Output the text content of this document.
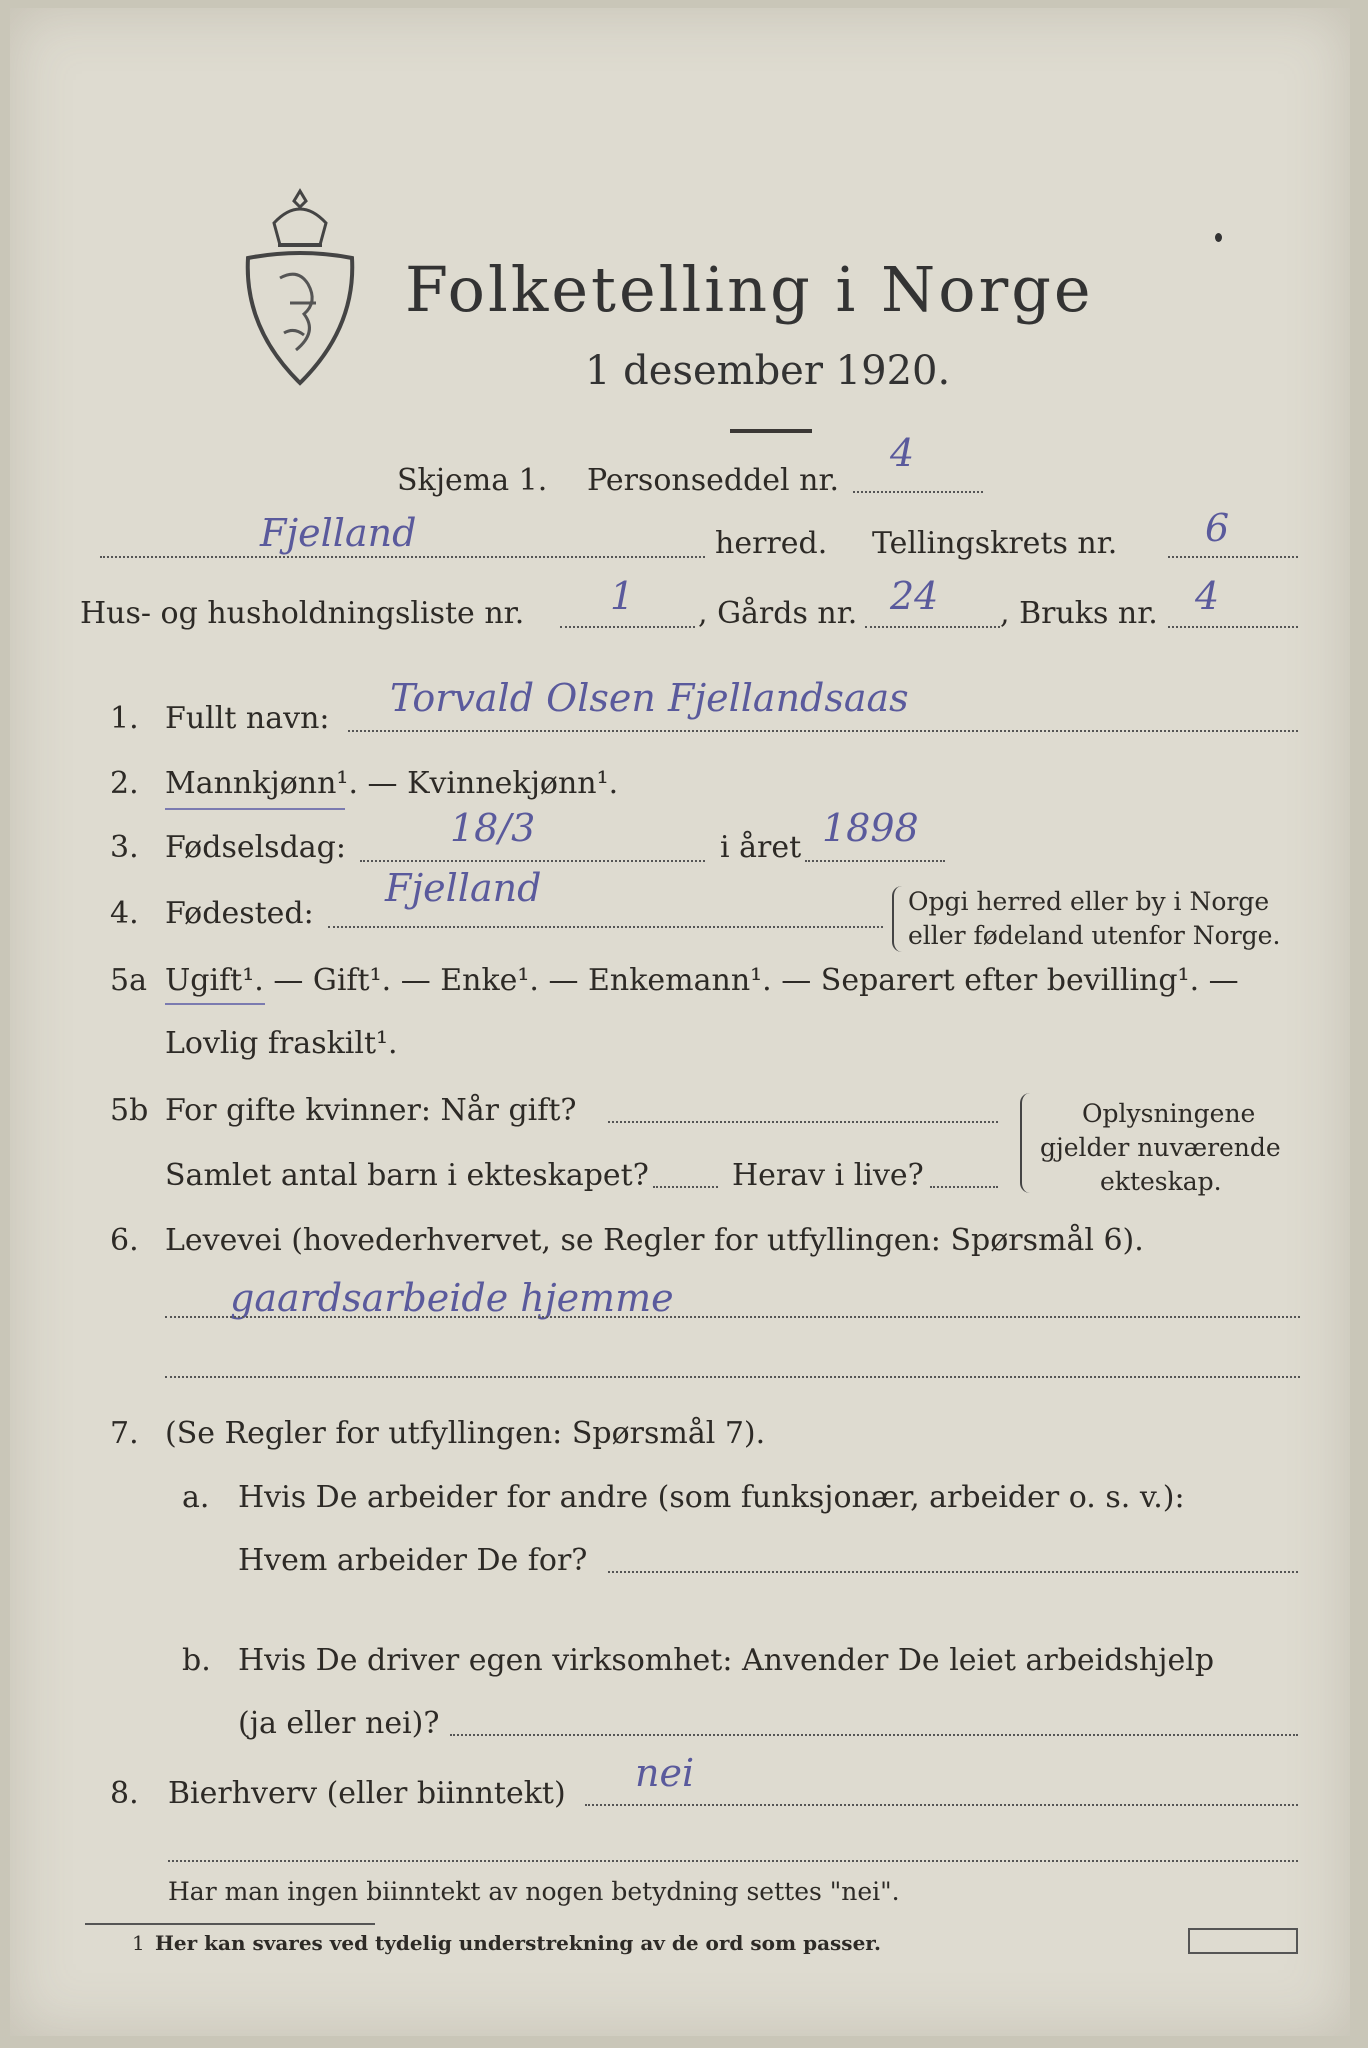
Folketelling i Norge
1 desember 1920.
Skjema 1. Personseddel nr.
4
Fjelland	herred. Tellingskrets nr. 6
Hus- og husholdningsliste nr. 1 , Gårds nr. 24 , Bruks nr. 4
1. Fullt navn: Torvald Olsen Fjellandsaas
2. Mannkjønn¹. — Kvinnekjønn¹.
3. Fødselsdag:	18/3	i året 1898
4. Fødested:
Fjelland	Opgi herred eller by i Norge
eller fødeland utenfor Norge.
5a Ugift¹. — Gift¹. — Enke¹. — Enkemann¹. — Separert efter bevilling¹. —
Lovlig fraskilt¹.
5b For gifte kvinner: Når gift?
Samlet antal barn i ekteskapet?	Herav i live?
Oplysningene
gjelder nuværende
ekteskap.
6. Levevei (hovederhvervet, se Regler for utfyllingen: Spørsmål 6).
gaardsarbeide hjemme
7. (Se Regler for utfyllingen: Spørsmål 7).
a. Hvis De arbeider for andre (som funksjonær, arbeider o. s. v.):
Hvem arbeider De for?
b. Hvis De driver egen virksomhet: Anvender De leiet arbeidshjelp
(ja eller nei)?
8. Bierhverv (eller biinntekt) nei
Har man ingen biinntekt av nogen betydning settes "nei".
1 Her kan svares ved tydelig understrekning av de ord som passer.
